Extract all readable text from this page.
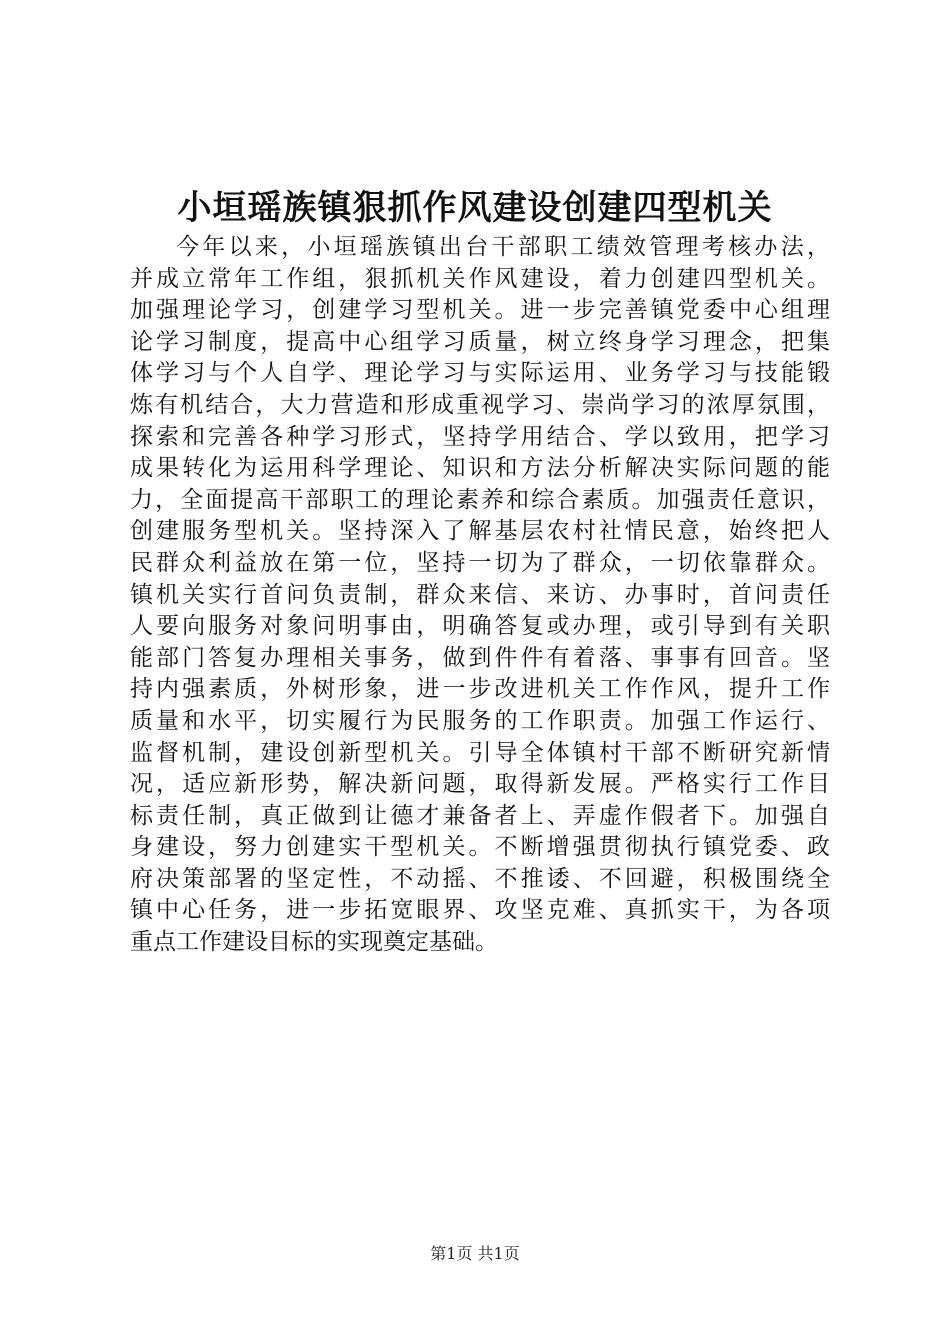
小垣瑶族镇狠抓作风建设创建四型机关
今年以来，小垣瑶族镇出台干部职工绩效管理考核办法，
并成立常年工作组，狠抓机关作风建设，着力创建四型机关。
加强理论学习，创建学习型机关。进一步完善镇党委中心组理
论学习制度，提高中心组学习质量，树立终身学习理念，把集
体学习与个人自学、理论学习与实际运用、业务学习与技能锻
炼有机结合，大力营造和形成重视学习、崇尚学习的浓厚氛围，
探索和完善各种学习形式，坚持学用结合、学以致用，把学习
成果转化为运用科学理论、知识和方法分析解决实际问题的能
力，全面提高干部职工的理论素养和综合素质。加强责任意识，
创建服务型机关。坚持深入了解基层农村社情民意，始终把人
民群众利益放在第一位，坚持一切为了群众，一切依靠群众。
镇机关实行首问负责制，群众来信、来访、办事时，首问责任
人要向服务对象问明事由，明确答复或办理，或引导到有关职
能部门答复办理相关事务，做到件件有着落、事事有回音。坚
持内强素质，外树形象，进一步改进机关工作作风，提升工作
质量和水平，切实履行为民服务的工作职责。加强工作运行、
监督机制，建设创新型机关。引导全体镇村干部不断研究新情
况，适应新形势，解决新问题，取得新发展。严格实行工作目
标责任制，真正做到让德才兼备者上、弄虚作假者下。加强自
身建设，努力创建实干型机关。不断增强贯彻执行镇党委、政
府决策部署的坚定性，不动摇、不推诿、不回避，积极围绕全
镇中心任务，进一步拓宽眼界、攻坚克难、真抓实干，为各项
重点工作建设目标的实现奠定基础。
第1页 共1页
